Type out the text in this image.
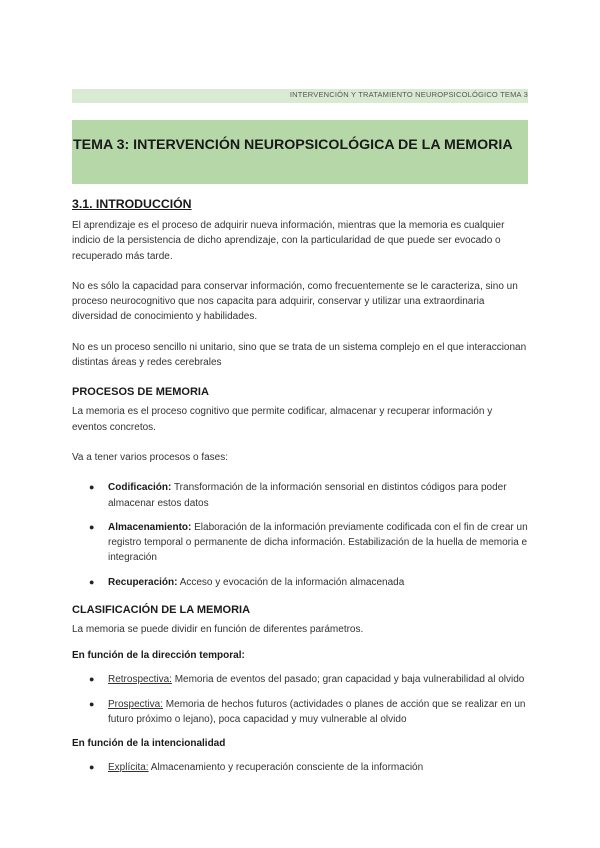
INTERVENCIÓN Y TRATAMIENTO NEUROPSICOLÓGICO TEMA 3
TEMA 3: INTERVENCIÓN NEUROPSICOLÓGICA DE LA MEMORIA
3.1. INTRODUCCIÓN

El aprendizaje es el proceso de adquirir nueva información, mientras que la memoria es cualquier indicio de la persistencia de dicho aprendizaje, con la particularidad de que puede ser evocado o recuperado más tarde.

No es sólo la capacidad para conservar información, como frecuentemente se le caracteriza, sino un proceso neurocognitivo que nos capacita para adquirir, conservar y utilizar una extraordinaria diversidad de conocimiento y habilidades.

No es un proceso sencillo ni unitario, sino que se trata de un sistema complejo en el que interaccionan distintas áreas y redes cerebrales

PROCESOS DE MEMORIA

La memoria es el proceso cognitivo que permite codificar, almacenar y recuperar información y eventos concretos.

Va a tener varios procesos o fases:

● Codificación: Transformación de la información sensorial en distintos códigos para poder almacenar estos datos
● Almacenamiento: Elaboración de la información previamente codificada con el fin de crear un registro temporal o permanente de dicha información. Estabilización de la huella de memoria e integración
● Recuperación: Acceso y evocación de la información almacenada
CLASIFICACIÓN DE LA MEMORIA

La memoria se puede dividir en función de diferentes parámetros.

En función de la dirección temporal:
● Retrospectiva: Memoria de eventos del pasado; gran capacidad y baja vulnerabilidad al olvido
● Prospectiva: Memoria de hechos futuros (actividades o planes de acción que se realizar en un futuro próximo o lejano), poca capacidad y muy vulnerable al olvido
En función de la intencionalidad
● Explícita: Almacenamiento y recuperación consciente de la información
